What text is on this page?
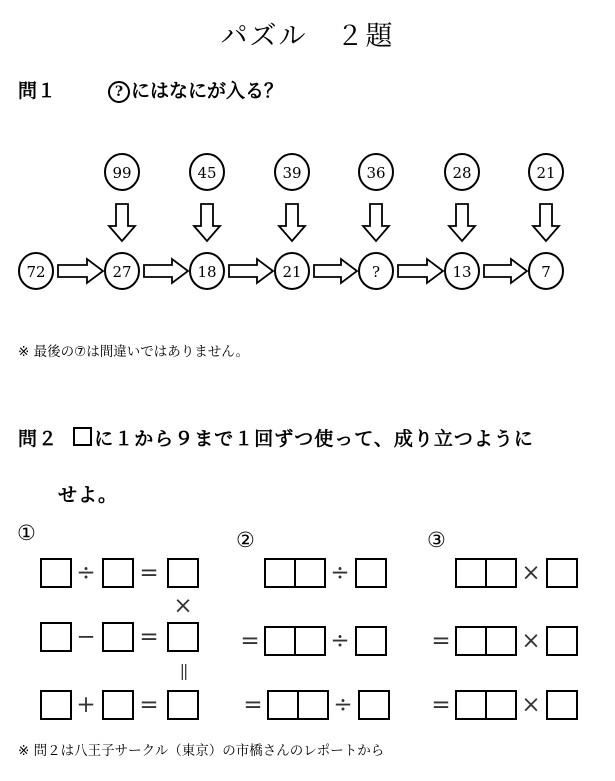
パズル　２題
問１	? にはなにが入る？
99	45	39	36	28	21
72	27	18	21	?	13	7
※ 最後の⑦は間違いではありません。
問２ に１から９まで１回ずつ使って、成り立つように
せよ。
①	②	③
÷ =
×
− =
||
+ =
÷
=	÷
=	÷
×
=	×
=	×
※ 問２は八王子サークル（東京）の市橋さんのレポートから
